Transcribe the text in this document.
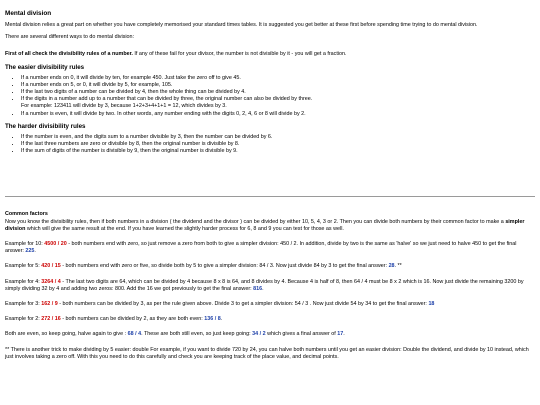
Mental division

Mental division relies a great part on whether you have completely memorised your standard times tables. It is suggested you get better at these first before spending time trying to do mental division.

There are several different ways to do mental division:

First of all check the divisibility rules of a number. If any of these fail for your divisor, the number is not divisible by it - you will get a fraction.

The easier divisibility rules
• If a number ends on 0, it will divide by ten, for example 450. Just take the zero off to give 45.
• If a number ends on 5, or 0, it will divide by 5, for example, 105.
• If the last two digits of a number can be divided by 4, then the whole thing can be divided by 4.
• If the digits in a number add up to a number that can be divided by three, the original number can also be divided by three.
For example: 123411 will divide by 3, because 1+2+3+4+1+1 = 12, which divides by 3.
• If a number is even, it will divide by two. In other words, any number ending with the digits 0, 2, 4, 6 or 8 will divide by 2.
The harder divisibility rules
• If the number is even, and the digits sum to a number divisible by 3, then the number can be divided by 6.
• If the last three numbers are zero or divisible by 8, then the original number is divisible by 8.
• If the sum of digits of the number is divisible by 9, then the original number is divisible by 9.

Common factors

Now you know the divisibility rules, then if both numbers in a division ( the dividend and the divisor ) can be divided by either 10, 5, 4, 3 or 2. Then you can divide both numbers by their common factor to make a simpler division which will give the same result at the end. If you have learned the slightly harder process for 6, 8 and 9 you can test for those as well.

Example for 10: 4500 / 20 - both numbers end with zero, so just remove a zero from both to give a simpler division: 450 / 2. In addition, divide by two is the same as 'halve' so we just need to halve 450 to get the final answer: 225.

Example for 5: 420 / 15 - both numbers end with zero or five, so divide both by 5 to give a simpler division: 84 / 3. Now just divide 84 by 3 to get the final answer: 28. **

Example for 4: 3264 / 4 - The last two digits are 64, which can be divided by 4 because 8 x 8 is 64, and 8 divides by 4. Because 4 is half of 8, then 64 / 4 must be 8 x 2 which is 16. Now just divide the remaining 3200 by simply dividing 32 by 4 and adding two zeros: 800. Add the 16 we got previously to get the final answer: 816.

Example for 3: 162 / 9 - both numbers can be divided by 3, as per the rule given above. Divide 3 to get a simpler division: 54 / 3 . Now just divide 54 by 34 to get the final answer: 18

Example for 2: 272 / 16 - both numbers can be divided by 2, as they are both even: 136 / 8.

Both are even, so keep going, halve again to give : 68 / 4. These are both still even, so just keep going: 34 / 2 which gives a final answer of 17.

** There is another trick to make dividing by 5 easier: double For example, if you want to divide 720 by 24, you can halve both numbers until you get an easier division: Double the dividend, and divide by 10 instead, which just involves taking a zero off. With this you need to do this carefully and check you are keeping track of the place value, and decimal points.
